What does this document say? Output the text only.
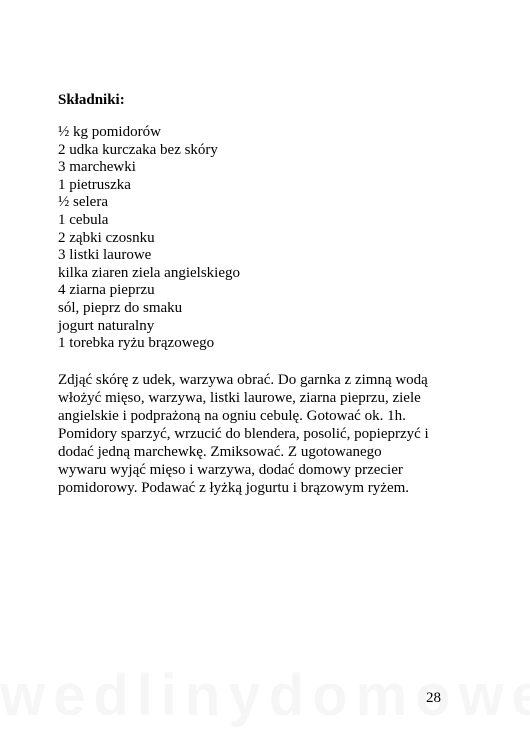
Składniki:

½ kg pomidorów
2 udka kurczaka bez skóry
3 marchewki
1 pietruszka
½ selera
1 cebula
2 ząbki czosnku
3 listki laurowe
kilka ziaren ziela angielskiego
4 ziarna pieprzu
sól, pieprz do smaku
jogurt naturalny
1 torebka ryżu brązowego

Zdjąć skórę z udek, warzywa obrać. Do garnka z zimną wodą
włożyć mięso, warzywa, listki laurowe, ziarna pieprzu, ziele
angielskie i podprażoną na ogniu cebulę. Gotować ok. 1h.
Pomidory sparzyć, wrzucić do blendera, posolić, popieprzyć i
dodać jedną marchewkę. Zmiksować. Z ugotowanego
wywaru wyjąć mięso i warzywa, dodać domowy przecier
pomidorowy. Podawać z łyżką jogurtu i brązowym ryżem.

28
